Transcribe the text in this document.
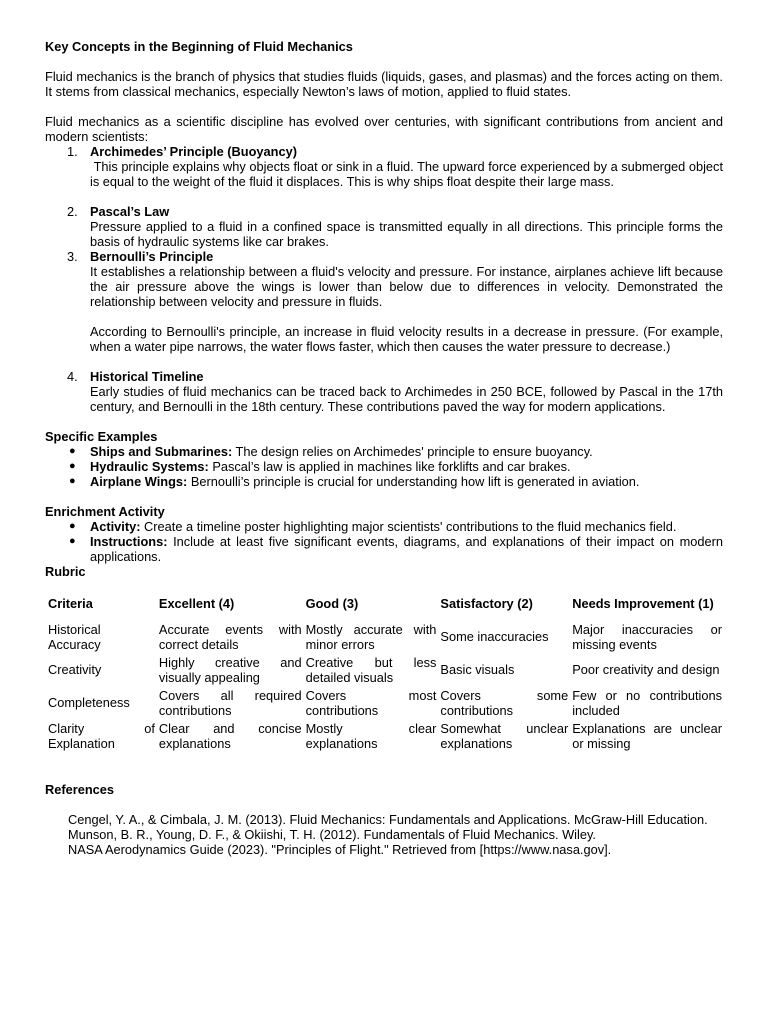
Key Concepts in the Beginning of Fluid Mechanics

Fluid mechanics is the branch of physics that studies fluids (liquids, gases, and plasmas) and the forces acting on them. It stems from classical mechanics, especially Newton’s laws of motion, applied to fluid states.

Fluid mechanics as a scientific discipline has evolved over centuries, with significant contributions from ancient and modern scientists:

1. Archimedes’ Principle (Buoyancy)

This principle explains why objects float or sink in a fluid. The upward force experienced by a submerged object is equal to the weight of the fluid it displaces. This is why ships float despite their large mass.

2. Pascal’s Law

Pressure applied to a fluid in a confined space is transmitted equally in all directions. This principle forms the basis of hydraulic systems like car brakes.

3. Bernoulli’s Principle

It establishes a relationship between a fluid's velocity and pressure. For instance, airplanes achieve lift because the air pressure above the wings is lower than below due to differences in velocity. Demonstrated the relationship between velocity and pressure in fluids.

According to Bernoulli's principle, an increase in fluid velocity results in a decrease in pressure. (For example, when a water pipe narrows, the water flows faster, which then causes the water pressure to decrease.)

4. Historical Timeline

Early studies of fluid mechanics can be traced back to Archimedes in 250 BCE, followed by Pascal in the 17th century, and Bernoulli in the 18th century. These contributions paved the way for modern applications.

Specific Examples

● Ships and Submarines: The design relies on Archimedes' principle to ensure buoyancy.
● Hydraulic Systems: Pascal’s law is applied in machines like forklifts and car brakes.
● Airplane Wings: Bernoulli’s principle is crucial for understanding how lift is generated in aviation.

Enrichment Activity

● Activity: Create a timeline poster highlighting major scientists' contributions to the fluid mechanics field.
● Instructions: Include at least five significant events, diagrams, and explanations of their impact on modern applications.

Rubric

Criteria	Excellent (4)	Good (3)	Satisfactory (2)	Needs Improvement (1)
Historical Accuracy	Accurate events with correct details	Mostly accurate with minor errors	Some inaccuracies	Major inaccuracies or missing events
Creativity	Highly creative and visually appealing	Creative but less detailed visuals	Basic visuals	Poor creativity and design
Completeness	Covers all required contributions	Covers most contributions	Covers some contributions	Few or no contributions included
Clarity of Explanation	Clear and concise explanations	Mostly clear explanations	Somewhat unclear explanations	Explanations are unclear or missing

References

Cengel, Y. A., & Cimbala, J. M. (2013). Fluid Mechanics: Fundamentals and Applications. McGraw-Hill Education.

Munson, B. R., Young, D. F., & Okiishi, T. H. (2012). Fundamentals of Fluid Mechanics. Wiley.

NASA Aerodynamics Guide (2023). "Principles of Flight." Retrieved from [https://www.nasa.gov].
